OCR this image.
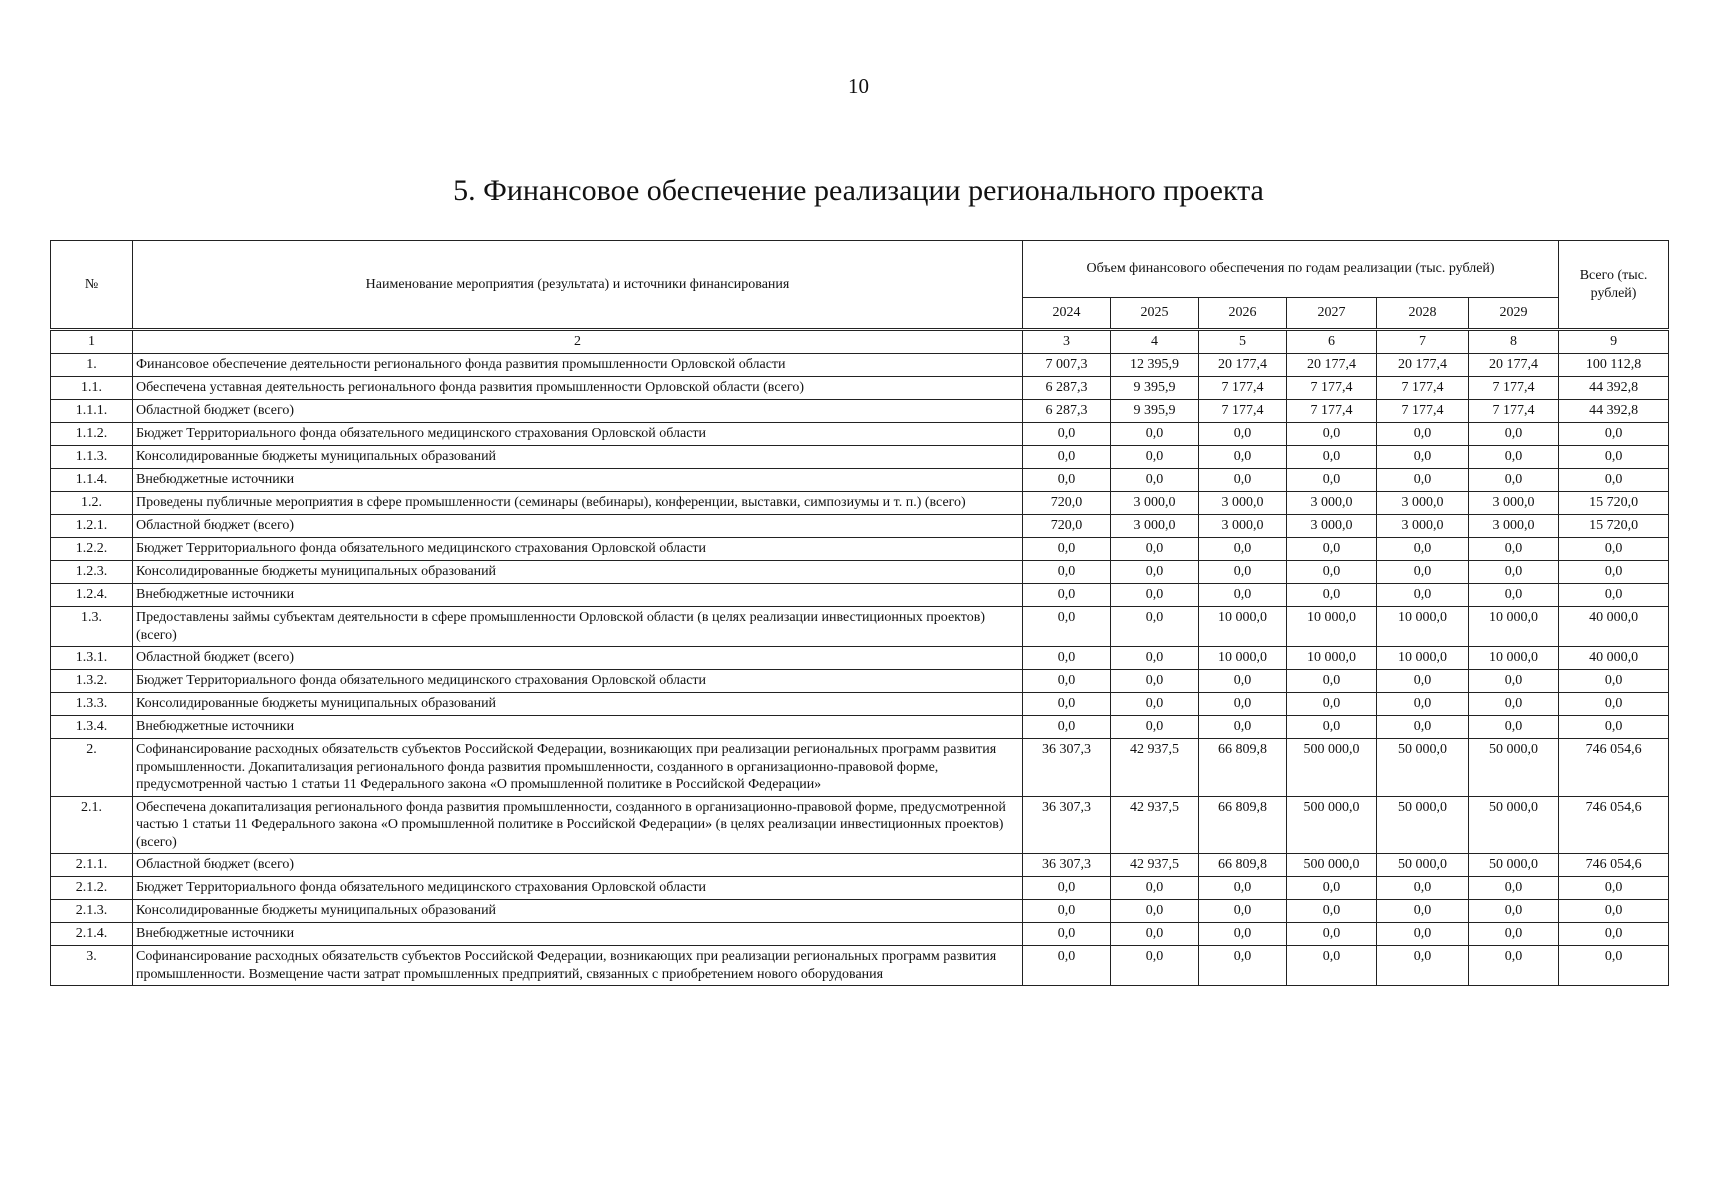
10
5. Финансовое обеспечение реализации регионального проекта
№	Наименование мероприятия (результата) и источники финансирования	Объем финансового обеспечения по годам реализации (тыс. рублей)						Всего (тыс. рублей)
		2024	2025	2026	2027	2028	2029	
1	2	3	4	5	6	7	8	9
1.	Финансовое обеспечение деятельности регионального фонда развития промышленности Орловской области	7 007,3	12 395,9	20 177,4	20 177,4	20 177,4	20 177,4	100 112,8
1.1.	Обеспечена уставная деятельность регионального фонда развития промышленности Орловской области (всего)	6 287,3	9 395,9	7 177,4	7 177,4	7 177,4	7 177,4	44 392,8
1.1.1.	Областной бюджет (всего)	6 287,3	9 395,9	7 177,4	7 177,4	7 177,4	7 177,4	44 392,8
1.1.2.	Бюджет Территориального фонда обязательного медицинского страхования Орловской области	0,0	0,0	0,0	0,0	0,0	0,0	0,0
1.1.3.	Консолидированные бюджеты муниципальных образований	0,0	0,0	0,0	0,0	0,0	0,0	0,0
1.1.4.	Внебюджетные источники	0,0	0,0	0,0	0,0	0,0	0,0	0,0
1.2.	Проведены публичные мероприятия в сфере промышленности (семинары (вебинары), конференции, выставки, симпозиумы и т. п.) (всего)	720,0	3 000,0	3 000,0	3 000,0	3 000,0	3 000,0	15 720,0
1.2.1.	Областной бюджет (всего)	720,0	3 000,0	3 000,0	3 000,0	3 000,0	3 000,0	15 720,0
1.2.2.	Бюджет Территориального фонда обязательного медицинского страхования Орловской области	0,0	0,0	0,0	0,0	0,0	0,0	0,0
1.2.3.	Консолидированные бюджеты муниципальных образований	0,0	0,0	0,0	0,0	0,0	0,0	0,0
1.2.4.	Внебюджетные источники	0,0	0,0	0,0	0,0	0,0	0,0	0,0
1.3.	Предоставлены займы субъектам деятельности в сфере промышленности Орловской области (в целях реализации инвестиционных проектов) (всего)	0,0	0,0	10 000,0	10 000,0	10 000,0	10 000,0	40 000,0
1.3.1.	Областной бюджет (всего)	0,0	0,0	10 000,0	10 000,0	10 000,0	10 000,0	40 000,0
1.3.2.	Бюджет Территориального фонда обязательного медицинского страхования Орловской области	0,0	0,0	0,0	0,0	0,0	0,0	0,0
1.3.3.	Консолидированные бюджеты муниципальных образований	0,0	0,0	0,0	0,0	0,0	0,0	0,0
1.3.4.	Внебюджетные источники	0,0	0,0	0,0	0,0	0,0	0,0	0,0
2.	Софинансирование расходных обязательств субъектов Российской Федерации, возникающих при реализации региональных программ развития промышленности. Докапитализация регионального фонда развития промышленности, созданного в организационно-правовой форме, предусмотренной частью 1 статьи 11 Федерального закона «О промышленной политике в Российской Федерации»	36 307,3	42 937,5	66 809,8	500 000,0	50 000,0	50 000,0	746 054,6
2.1.	Обеспечена докапитализация регионального фонда развития промышленности, созданного в организационно-правовой форме, предусмотренной частью 1 статьи 11 Федерального закона «О промышленной политике в Российской Федерации» (в целях реализации инвестиционных проектов) (всего)	36 307,3	42 937,5	66 809,8	500 000,0	50 000,0	50 000,0	746 054,6
2.1.1.	Областной бюджет (всего)	36 307,3	42 937,5	66 809,8	500 000,0	50 000,0	50 000,0	746 054,6
2.1.2.	Бюджет Территориального фонда обязательного медицинского страхования Орловской области	0,0	0,0	0,0	0,0	0,0	0,0	0,0
2.1.3.	Консолидированные бюджеты муниципальных образований	0,0	0,0	0,0	0,0	0,0	0,0	0,0
2.1.4.	Внебюджетные источники	0,0	0,0	0,0	0,0	0,0	0,0	0,0
3.	Софинансирование расходных обязательств субъектов Российской Федерации, возникающих при реализации региональных программ развития промышленности. Возмещение части затрат промышленных предприятий, связанных с приобретением нового оборудования	0,0	0,0	0,0	0,0	0,0	0,0	0,0
